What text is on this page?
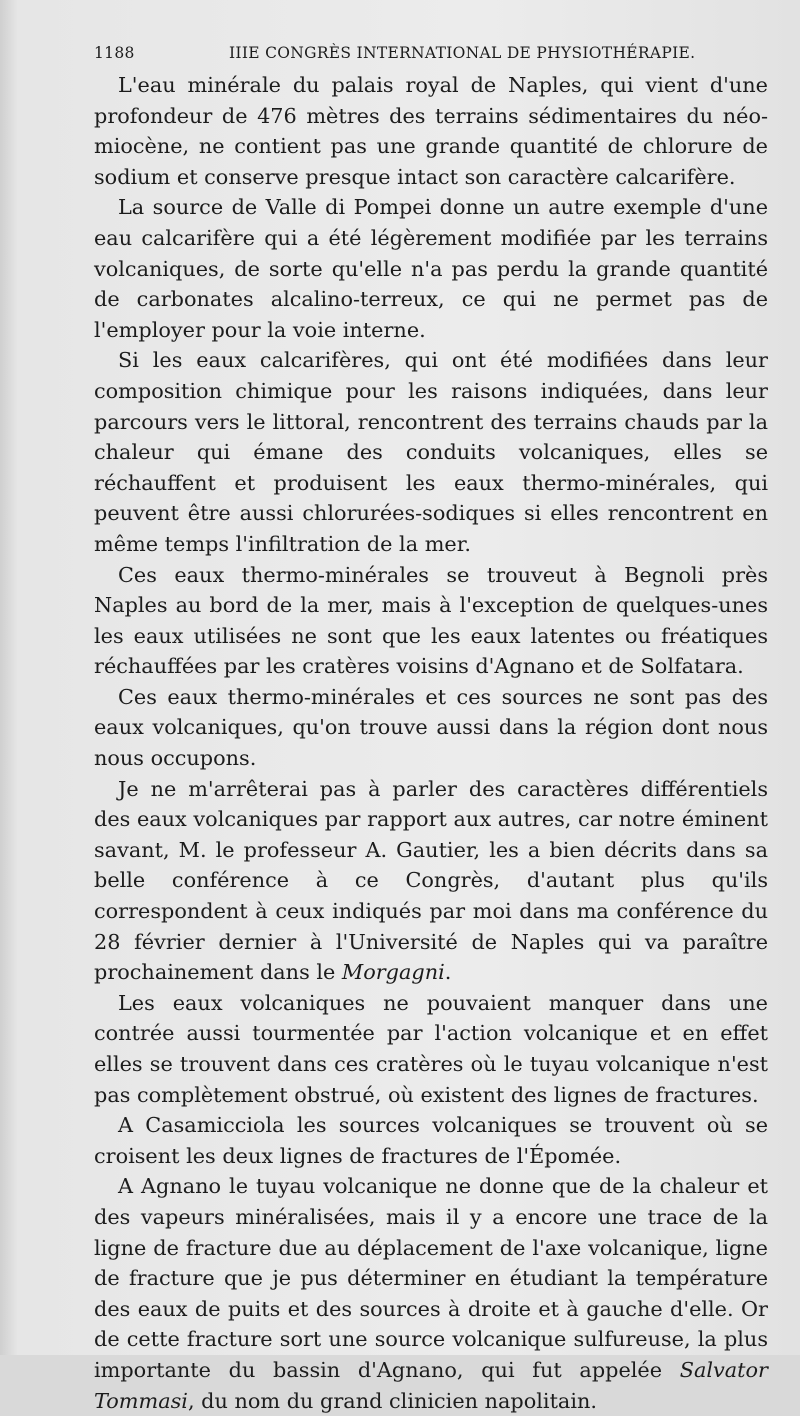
1188	IIIE CONGRÈS INTERNATIONAL DE PHYSIOTHÉRAPIE.

L'eau minérale du palais royal de Naples, qui vient d'une profondeur de 476 mètres des terrains sédimentaires du néo-miocène, ne contient pas une grande quantité de chlorure de sodium et conserve presque intact son caractère calcarifère.

La source de Valle di Pompei donne un autre exemple d'une eau calcarifère qui a été légèrement modifiée par les terrains volcaniques, de sorte qu'elle n'a pas perdu la grande quantité de carbonates alcalino-terreux, ce qui ne permet pas de l'employer pour la voie interne.

Si les eaux calcarifères, qui ont été modifiées dans leur composition chimique pour les raisons indiquées, dans leur parcours vers le littoral, rencontrent des terrains chauds par la chaleur qui émane des conduits volcaniques, elles se réchauffent et produisent les eaux thermo-minérales, qui peuvent être aussi chlorurées-sodiques si elles rencontrent en même temps l'infiltration de la mer.

Ces eaux thermo-minérales se trouveut à Begnoli près Naples au bord de la mer, mais à l'exception de quelques-unes les eaux utilisées ne sont que les eaux latentes ou fréatiques réchauffées par les cratères voisins d'Agnano et de Solfatara.

Ces eaux thermo-minérales et ces sources ne sont pas des eaux volcaniques, qu'on trouve aussi dans la région dont nous nous occupons.

Je ne m'arrêterai pas à parler des caractères différentiels des eaux volcaniques par rapport aux autres, car notre éminent savant, M. le professeur A. Gautier, les a bien décrits dans sa belle conférence à ce Congrès, d'autant plus qu'ils correspondent à ceux indiqués par moi dans ma conférence du 28 février dernier à l'Université de Naples qui va paraître prochainement dans le Morgagni.

Les eaux volcaniques ne pouvaient manquer dans une contrée aussi tourmentée par l'action volcanique et en effet elles se trouvent dans ces cratères où le tuyau volcanique n'est pas complètement obstrué, où existent des lignes de fractures.

A Casamicciola les sources volcaniques se trouvent où se croisent les deux lignes de fractures de l'Épomée.

A Agnano le tuyau volcanique ne donne que de la chaleur et des vapeurs minéralisées, mais il y a encore une trace de la ligne de fracture due au déplacement de l'axe volcanique, ligne de fracture que je pus déterminer en étudiant la température des eaux de puits et des sources à droite et à gauche d'elle. Or de cette fracture sort une source volcanique sulfureuse, la plus importante du bassin d'Agnano, qui fut appelée Salvator Tommasi, du nom du grand clinicien napolitain.
